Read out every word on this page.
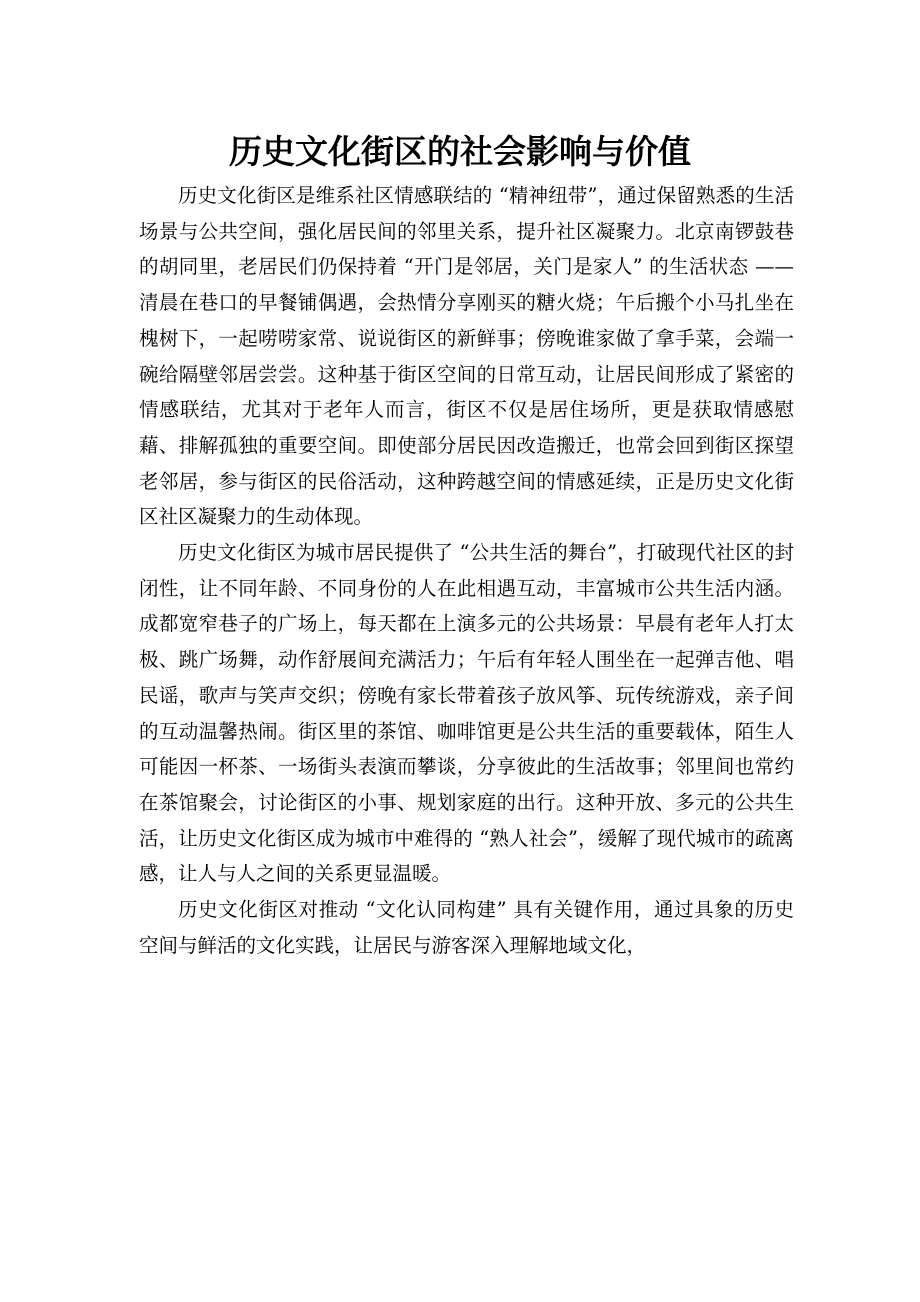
历史文化街区的社会影响与价值

历史文化街区是维系社区情感联结的 “精神纽带”，通过保留熟悉的生活场景与公共空间，强化居民间的邻里关系，提升社区凝聚力。北京南锣鼓巷的胡同里，老居民们仍保持着 “开门是邻居，关门是家人” 的生活状态 —— 清晨在巷口的早餐铺偶遇，会热情分享刚买的糖火烧；午后搬个小马扎坐在槐树下，一起唠唠家常、说说街区的新鲜事；傍晚谁家做了拿手菜，会端一碗给隔壁邻居尝尝。这种基于街区空间的日常互动，让居民间形成了紧密的情感联结，尤其对于老年人而言，街区不仅是居住场所，更是获取情感慰藉、排解孤独的重要空间。即使部分居民因改造搬迁，也常会回到街区探望老邻居，参与街区的民俗活动，这种跨越空间的情感延续，正是历史文化街区社区凝聚力的生动体现。

历史文化街区为城市居民提供了 “公共生活的舞台”，打破现代社区的封闭性，让不同年龄、不同身份的人在此相遇互动，丰富城市公共生活内涵。成都宽窄巷子的广场上，每天都在上演多元的公共场景：早晨有老年人打太极、跳广场舞，动作舒展间充满活力；午后有年轻人围坐在一起弹吉他、唱民谣，歌声与笑声交织；傍晚有家长带着孩子放风筝、玩传统游戏，亲子间的互动温馨热闹。街区里的茶馆、咖啡馆更是公共生活的重要载体，陌生人可能因一杯茶、一场街头表演而攀谈，分享彼此的生活故事；邻里间也常约在茶馆聚会，讨论街区的小事、规划家庭的出行。这种开放、多元的公共生活，让历史文化街区成为城市中难得的 “熟人社会”，缓解了现代城市的疏离感，让人与人之间的关系更显温暖。

历史文化街区对推动 “文化认同构建” 具有关键作用，通过具象的历史空间与鲜活的文化实践，让居民与游客深入理解地域文化，
